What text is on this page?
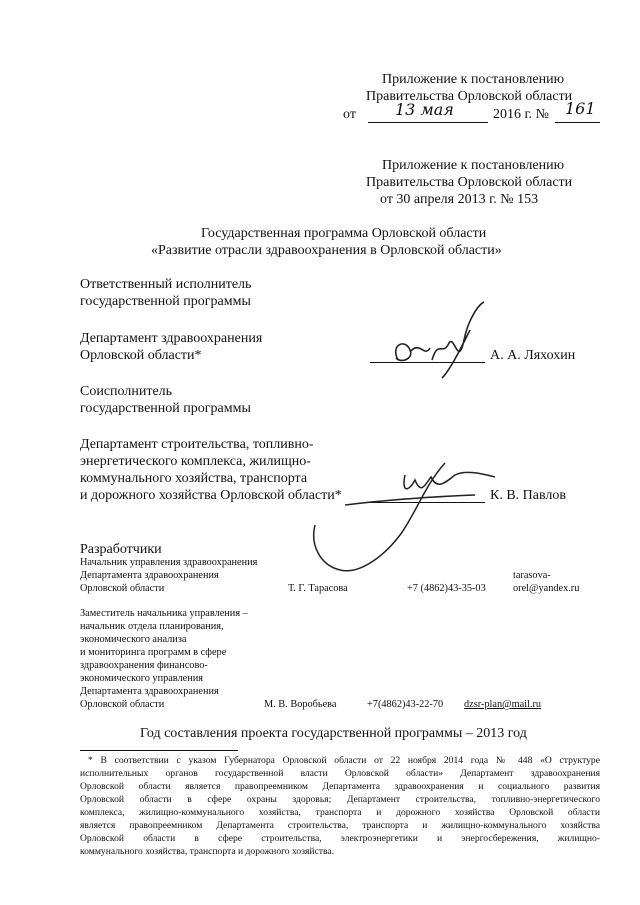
Приложение к постановлению
Правительства Орловской области
от 13 мая	2016 г. № 161
Приложение к постановлению
Правительства Орловской области
от 30 апреля 2013 г. № 153
Государственная программа Орловской области
«Развитие отрасли здравоохранения в Орловской области»
Ответственный исполнитель
государственной программы
Департамент здравоохранения
Орловской области*	А. А. Ляхохин
Соисполнитель
государственной программы
Департамент строительства, топливно-
энергетического комплекса, жилищно-
коммунального хозяйства, транспорта
и дорожного хозяйства Орловской области*	К. В. Павлов
Разработчики
Начальник управления здравоохранения
Департамента здравоохранения
Орловской области	Т. Г. Тарасова	+7 (4862)43-35-03
tarasova-
orel@yandex.ru
Заместитель начальника управления –
начальник отдела планирования,
экономического анализа
и мониторинга программ в сфере
здравоохранения финансово-
экономического управления
Департамента здравоохранения
Орловской области	М. В. Воробьева	+7(4862)43-22-70 dzsr-plan@mail.ru
Год составления проекта государственной программы – 2013 год

* В соответствии с указом Губернатора Орловской области от 22 ноября 2014 года № 448 «О структуре

исполнительных органов государственной власти Орловской области» Департамент здравоохранения

Орловской области является правопреемником Департамента здравоохранения и социального развития

Орловской области в сфере охраны здоровья; Департамент строительства, топливно-энергетического

комплекса, жилищно-коммунального хозяйства, транспорта и дорожного хозяйства Орловской области

является правопреемником Департамента строительства, транспорта и жилищно-коммунального хозяйства

Орловской области в сфере строительства, электроэнергетики и энергосбережения, жилищно-

коммунального хозяйства, транспорта и дорожного хозяйства.
